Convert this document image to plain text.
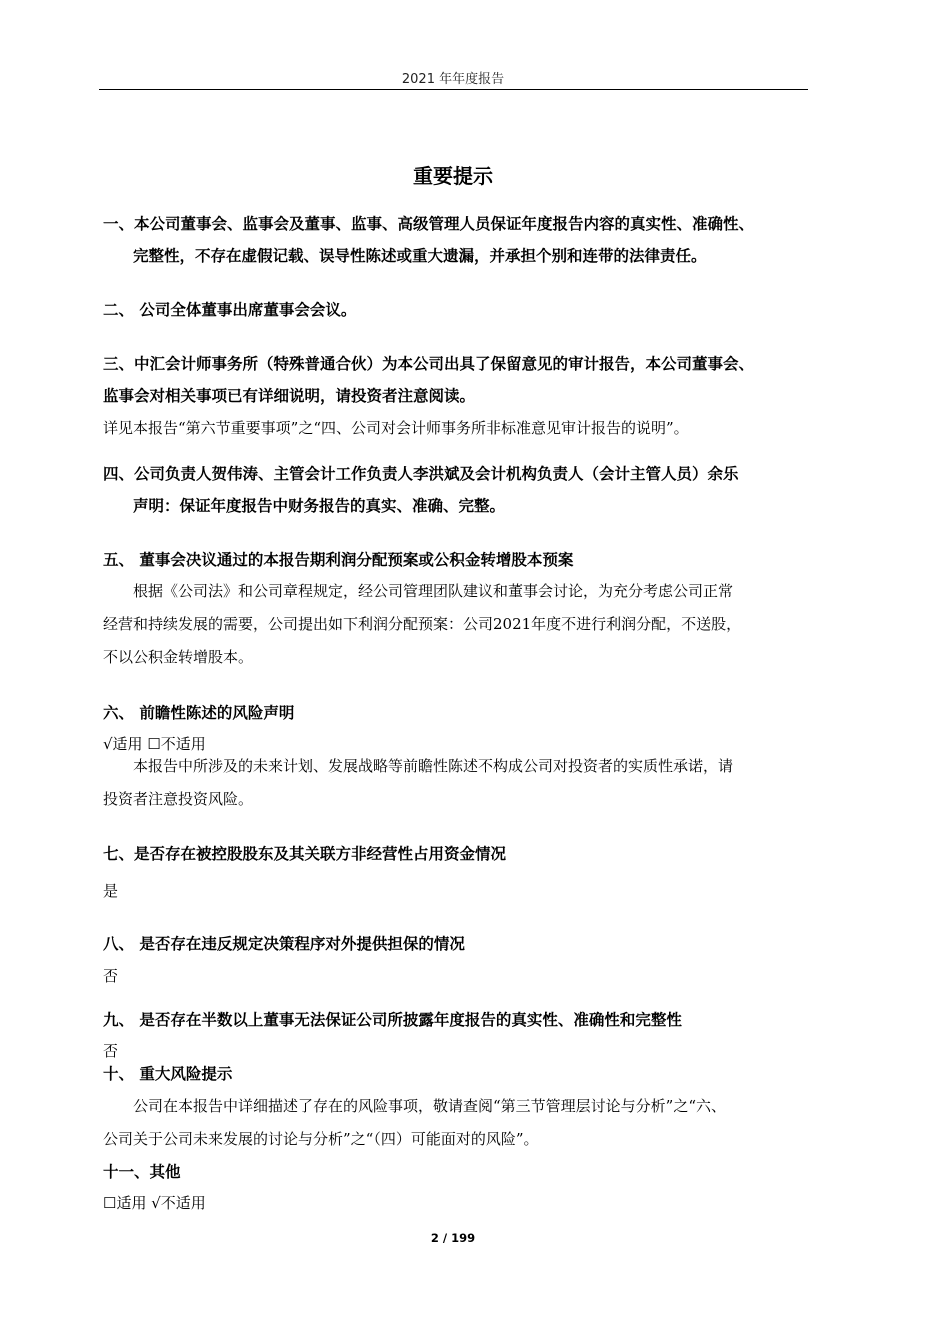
2021 年年度报告
重要提示
一、本公司董事会、监事会及董事、监事、高级管理人员保证年度报告内容的真实性、准确性、
完整性，不存在虚假记载、误导性陈述或重大遗漏，并承担个别和连带的法律责任。
二、 公司全体董事出席董事会会议。
三、中汇会计师事务所（特殊普通合伙）为本公司出具了保留意见的审计报告，本公司董事会、
监事会对相关事项已有详细说明，请投资者注意阅读。
详见本报告“第六节重要事项”之“四、公司对会计师事务所非标准意见审计报告的说明”。
四、公司负责人贺伟涛、主管会计工作负责人李洪斌及会计机构负责人（会计主管人员）余乐
声明：保证年度报告中财务报告的真实、准确、完整。
五、 董事会决议通过的本报告期利润分配预案或公积金转增股本预案
根据《公司法》和公司章程规定，经公司管理团队建议和董事会讨论，为充分考虑公司正常
经营和持续发展的需要，公司提出如下利润分配预案：公司2021年度不进行利润分配，不送股，
不以公积金转增股本。
六、 前瞻性陈述的风险声明
√适用 ☐不适用
本报告中所涉及的未来计划、发展战略等前瞻性陈述不构成公司对投资者的实质性承诺，请
投资者注意投资风险。
七、是否存在被控股股东及其关联方非经营性占用资金情况
是
八、 是否存在违反规定决策程序对外提供担保的情况
否
九、 是否存在半数以上董事无法保证公司所披露年度报告的真实性、准确性和完整性
否
十、 重大风险提示
公司在本报告中详细描述了存在的风险事项，敬请查阅“第三节管理层讨论与分析”之“六、
公司关于公司未来发展的讨论与分析”之“（四）可能面对的风险”。
十一、其他
☐适用 √不适用
2 / 199
